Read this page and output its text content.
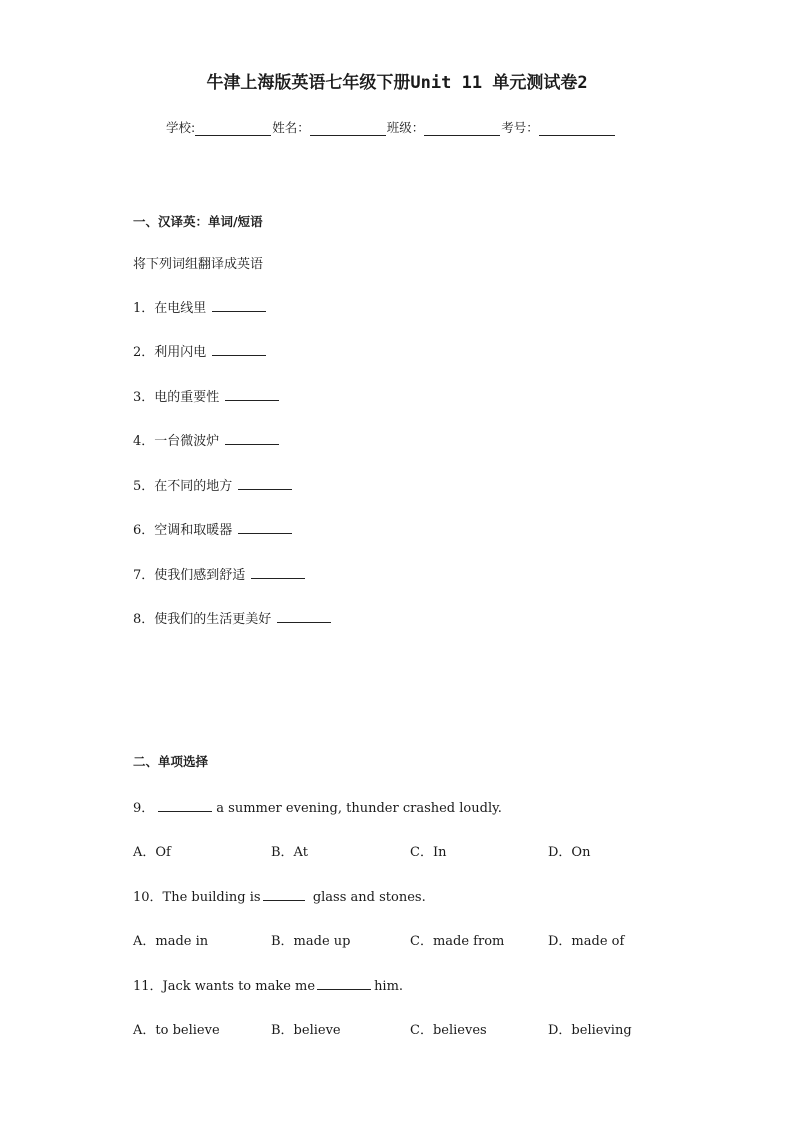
牛津上海版英语七年级下册Unit 11 单元测试卷2
学校:	姓名：	班级：	考号：
一、汉译英：单词/短语
将下列词组翻译成英语
1．在电线里
2．利用闪电
3．电的重要性
4．一台微波炉
5．在不同的地方
6．空调和取暖器
7．使我们感到舒适
8．使我们的生活更美好
二、单项选择
9．	a summer evening, thunder crashed loudly.
A．Of	B．At	C．In	D．On
10．The building is	glass and stones.
A．made in	B．made up	C．made from	D．made of
11．Jack wants to make me	him.
A．to believe	B．believe	C．believes	D．believing
